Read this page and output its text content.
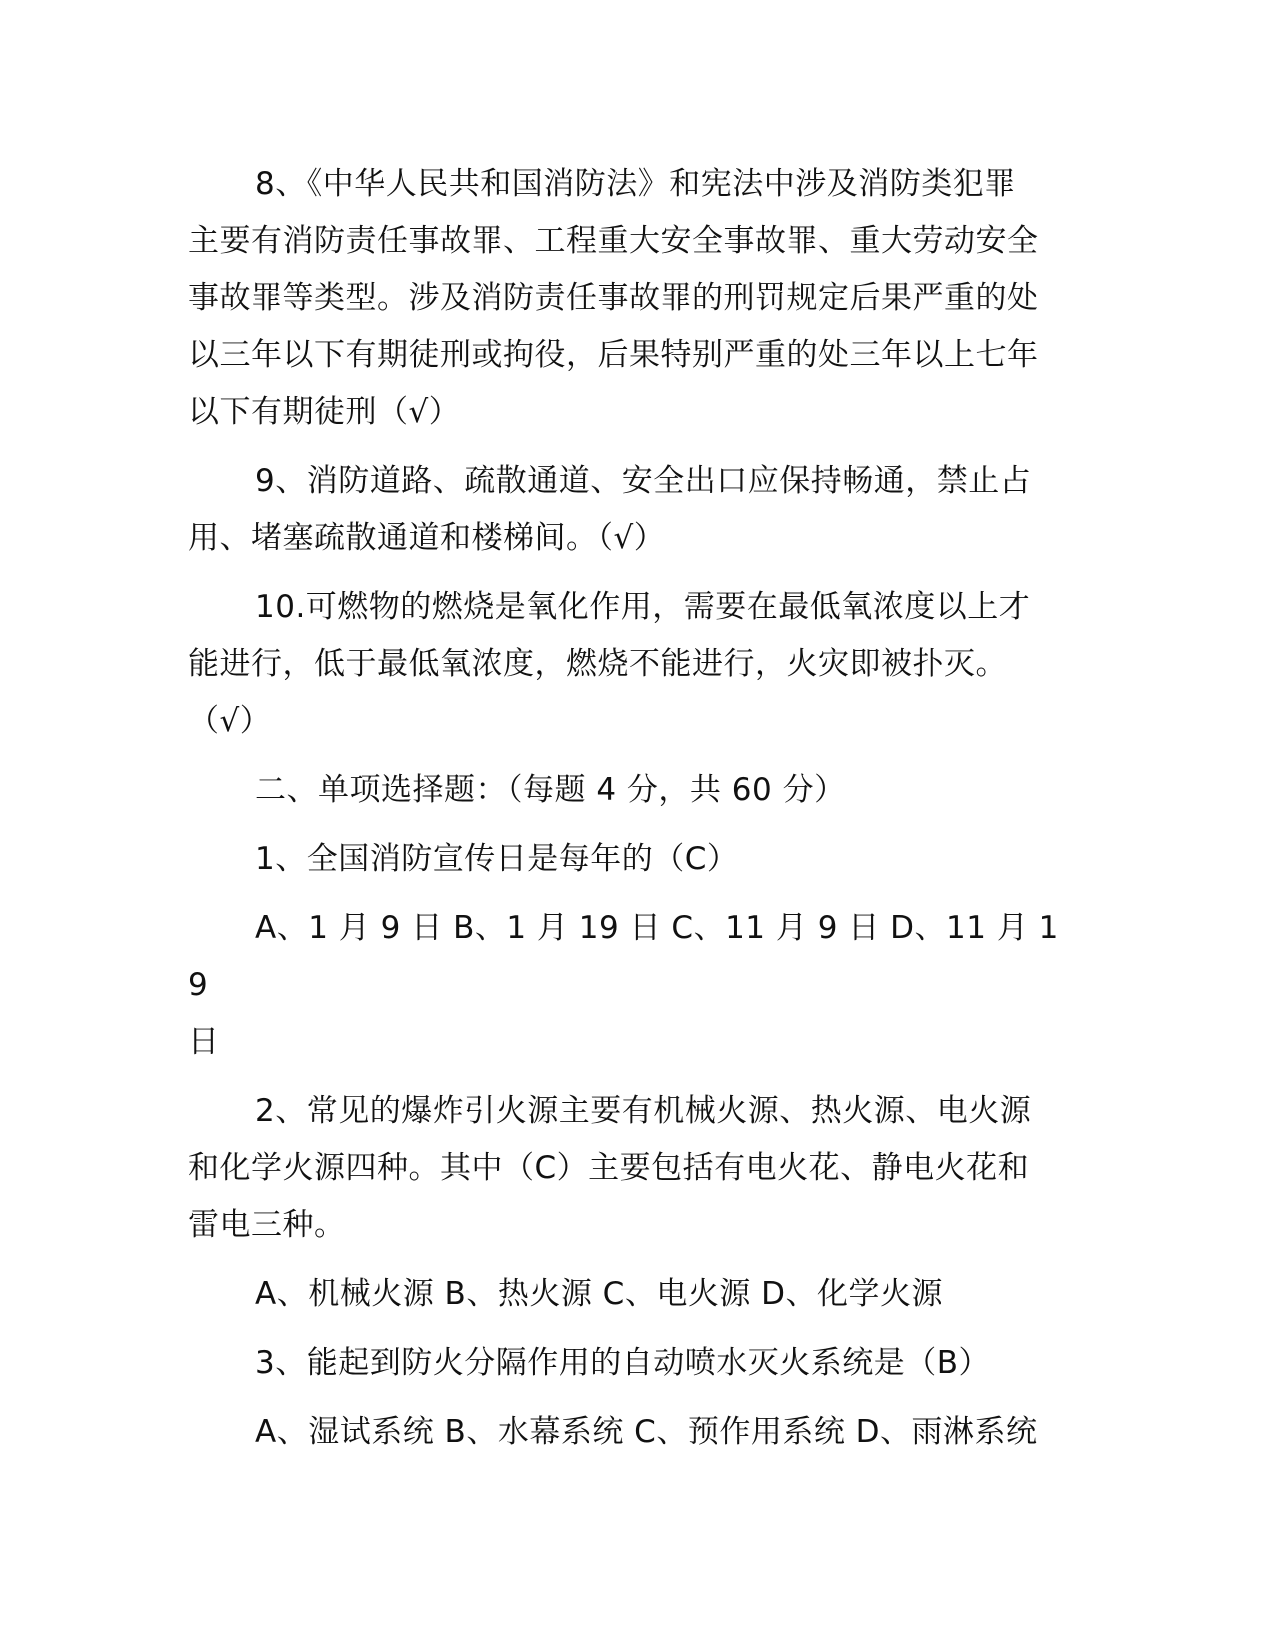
8、《中华人民共和国消防法》和宪法中涉及消防类犯罪
主要有消防责任事故罪、工程重大安全事故罪、重大劳动安全
事故罪等类型。涉及消防责任事故罪的刑罚规定后果严重的处
以三年以下有期徒刑或拘役，后果特别严重的处三年以上七年
以下有期徒刑（√）

9、消防道路、疏散通道、安全出口应保持畅通，禁止占
用、堵塞疏散通道和楼梯间。（√）

10.可燃物的燃烧是氧化作用，需要在最低氧浓度以上才
能进行，低于最低氧浓度，燃烧不能进行，火灾即被扑灭。
（√）

二、单项选择题：（每题 4 分，共 60 分）

1、全国消防宣传日是每年的（C）

A、1 月 9 日 B、1 月 19 日 C、11 月 9 日 D、11 月 19
日

2、常见的爆炸引火源主要有机械火源、热火源、电火源
和化学火源四种。其中（C）主要包括有电火花、静电火花和
雷电三种。

A、机械火源 B、热火源 C、电火源 D、化学火源

3、能起到防火分隔作用的自动喷水灭火系统是（B）

A、湿试系统 B、水幕系统 C、预作用系统 D、雨淋系统
